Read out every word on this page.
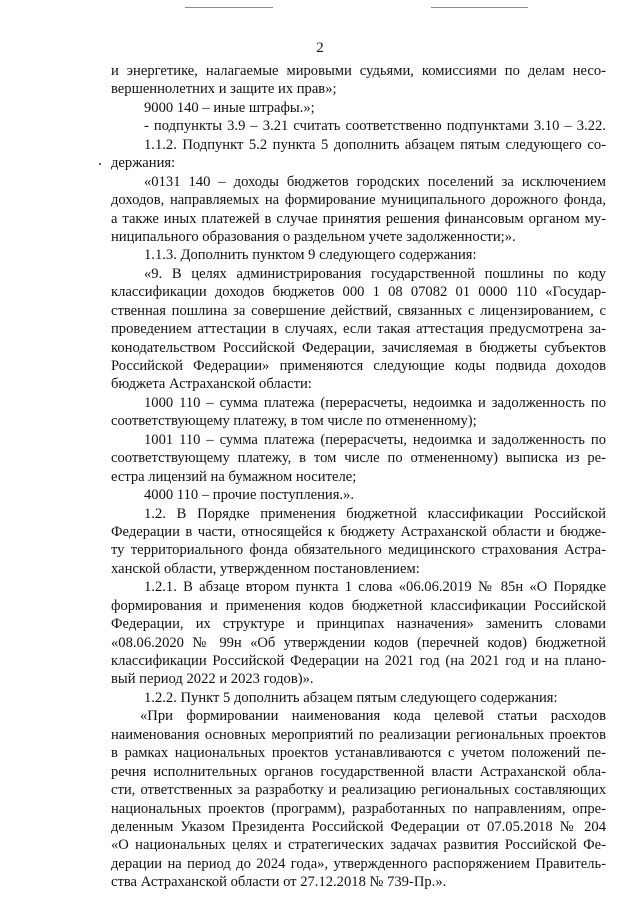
2
и энергетике, налагаемые мировыми судьями, комиссиями по делам несо-
вершеннолетних и защите их прав»;
9000 140 – иные штрафы.»;
- подпункты 3.9 – 3.21 считать соответственно подпунктами 3.10 – 3.22.
1.1.2. Подпункт 5.2 пункта 5 дополнить абзацем пятым следующего со-
держания:
«0131 140 – доходы бюджетов городских поселений за исключением
доходов, направляемых на формирование муниципального дорожного фонда,
а также иных платежей в случае принятия решения финансовым органом му-
ниципального образования о раздельном учете задолженности;».
1.1.3. Дополнить пунктом 9 следующего содержания:
«9. В целях администрирования государственной пошлины по коду
классификации доходов бюджетов 000 1 08 07082 01 0000 110 «Государ-
ственная пошлина за совершение действий, связанных с лицензированием, с
проведением аттестации в случаях, если такая аттестация предусмотрена за-
конодательством Российской Федерации, зачисляемая в бюджеты субъектов
Российской Федерации» применяются следующие коды подвида доходов
бюджета Астраханской области:
1000 110 – сумма платежа (перерасчеты, недоимка и задолженность по
соответствующему платежу, в том числе по отмененному);
1001 110 – сумма платежа (перерасчеты, недоимка и задолженность по
соответствующему платежу, в том числе по отмененному) выписка из ре-
естра лицензий на бумажном носителе;
4000 110 – прочие поступления.».
1.2. В Порядке применения бюджетной классификации Российской
Федерации в части, относящейся к бюджету Астраханской области и бюдже-
ту территориального фонда обязательного медицинского страхования Астра-
ханской области, утвержденном постановлением:
1.2.1. В абзаце втором пункта 1 слова «06.06.2019 № 85н «О Порядке
формирования и применения кодов бюджетной классификации Российской
Федерации, их структуре и принципах назначения» заменить словами
«08.06.2020 № 99н «Об утверждении кодов (перечней кодов) бюджетной
классификации Российской Федерации на 2021 год (на 2021 год и на плано-
вый период 2022 и 2023 годов)».
1.2.2. Пункт 5 дополнить абзацем пятым следующего содержания:
«При формировании наименования кода целевой статьи расходов
наименования основных мероприятий по реализации региональных проектов
в рамках национальных проектов устанавливаются с учетом положений пе-
речня исполнительных органов государственной власти Астраханской обла-
сти, ответственных за разработку и реализацию региональных составляющих
национальных проектов (программ), разработанных по направлениям, опре-
деленным Указом Президента Российской Федерации от 07.05.2018 № 204
«О национальных целях и стратегических задачах развития Российской Фе-
дерации на период до 2024 года», утвержденного распоряжением Правитель-
ства Астраханской области от 27.12.2018 № 739-Пр.».
